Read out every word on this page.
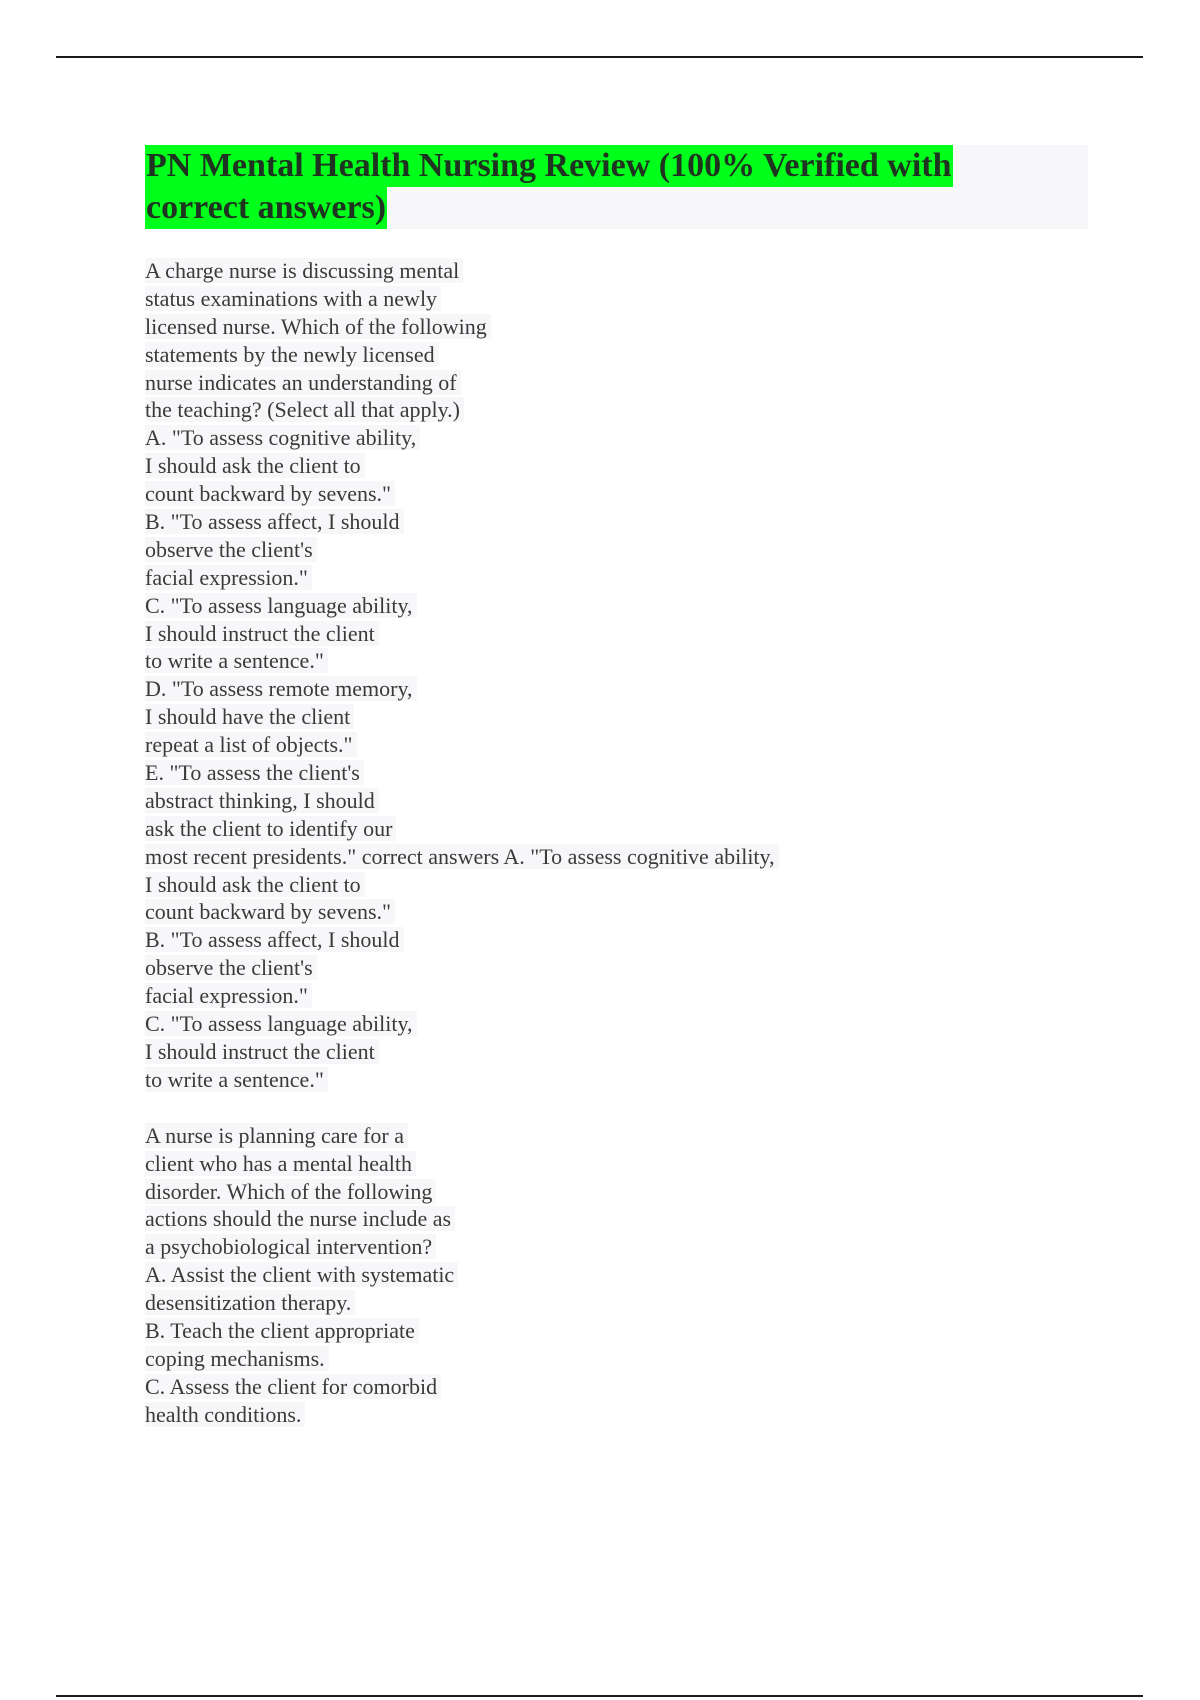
PN Mental Health Nursing Review (100% Verified with
correct answers)
A charge nurse is discussing mental
status examinations with a newly
licensed nurse. Which of the following
statements by the newly licensed
nurse indicates an understanding of
the teaching? (Select all that apply.)
A. "To assess cognitive ability,
I should ask the client to
count backward by sevens."
B. "To assess affect, I should
observe the client's
facial expression."
C. "To assess language ability,
I should instruct the client
to write a sentence."
D. "To assess remote memory,
I should have the client
repeat a list of objects."
E. "To assess the client's
abstract thinking, I should
ask the client to identify our
most recent presidents." correct answers A. "To assess cognitive ability,
I should ask the client to
count backward by sevens."
B. "To assess affect, I should
observe the client's
facial expression."
C. "To assess language ability,
I should instruct the client
to write a sentence."
A nurse is planning care for a
client who has a mental health
disorder. Which of the following
actions should the nurse include as
a psychobiological intervention?
A. Assist the client with systematic
desensitization therapy.
B. Teach the client appropriate
coping mechanisms.
C. Assess the client for comorbid
health conditions.
